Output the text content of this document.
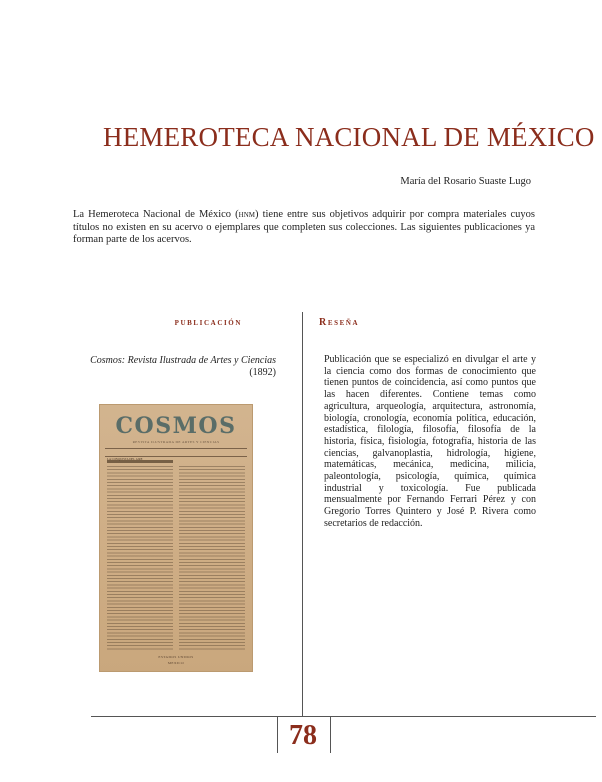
HEMEROTECA NACIONAL DE MÉXICO
María del Rosario Suaste Lugo

La Hemeroteca Nacional de México (hnm) tiene entre sus objetivos adquirir por compra materiales cuyos títulos no existen en su acervo o ejemplares que completen sus colecciones. Las siguientes publicaciones ya forman parte de los acervos.

publicación	Reseña
Cosmos: Revista Ilustrada de Artes y Ciencias (1892)
COSMOS
REVISTA ILUSTRADA DE ARTES Y CIENCIAS
LA CONQUISTA DEL AIRE
ESTADOS UNIDOS
MEXICO

Publicación que se especializó en divulgar el arte y la ciencia como dos formas de conocimiento que tienen puntos de coincidencia, así como puntos que las hacen diferentes. Contiene temas como agricultura, arqueología, arquitectura, astronomía, biología, cronología, economía política, educación, estadística, filología, filosofía, filosofía de la historia, física, fisiología, fotografía, historia de las ciencias, galvanoplastia, hidrología, higiene, matemáticas, mecánica, medicina, milicia, paleontología, psicología, química, química industrial y toxicología. Fue publicada mensualmente por Fernando Ferrari Pérez y con Gregorio Torres Quintero y José P. Rivera como secretarios de redacción.

78
